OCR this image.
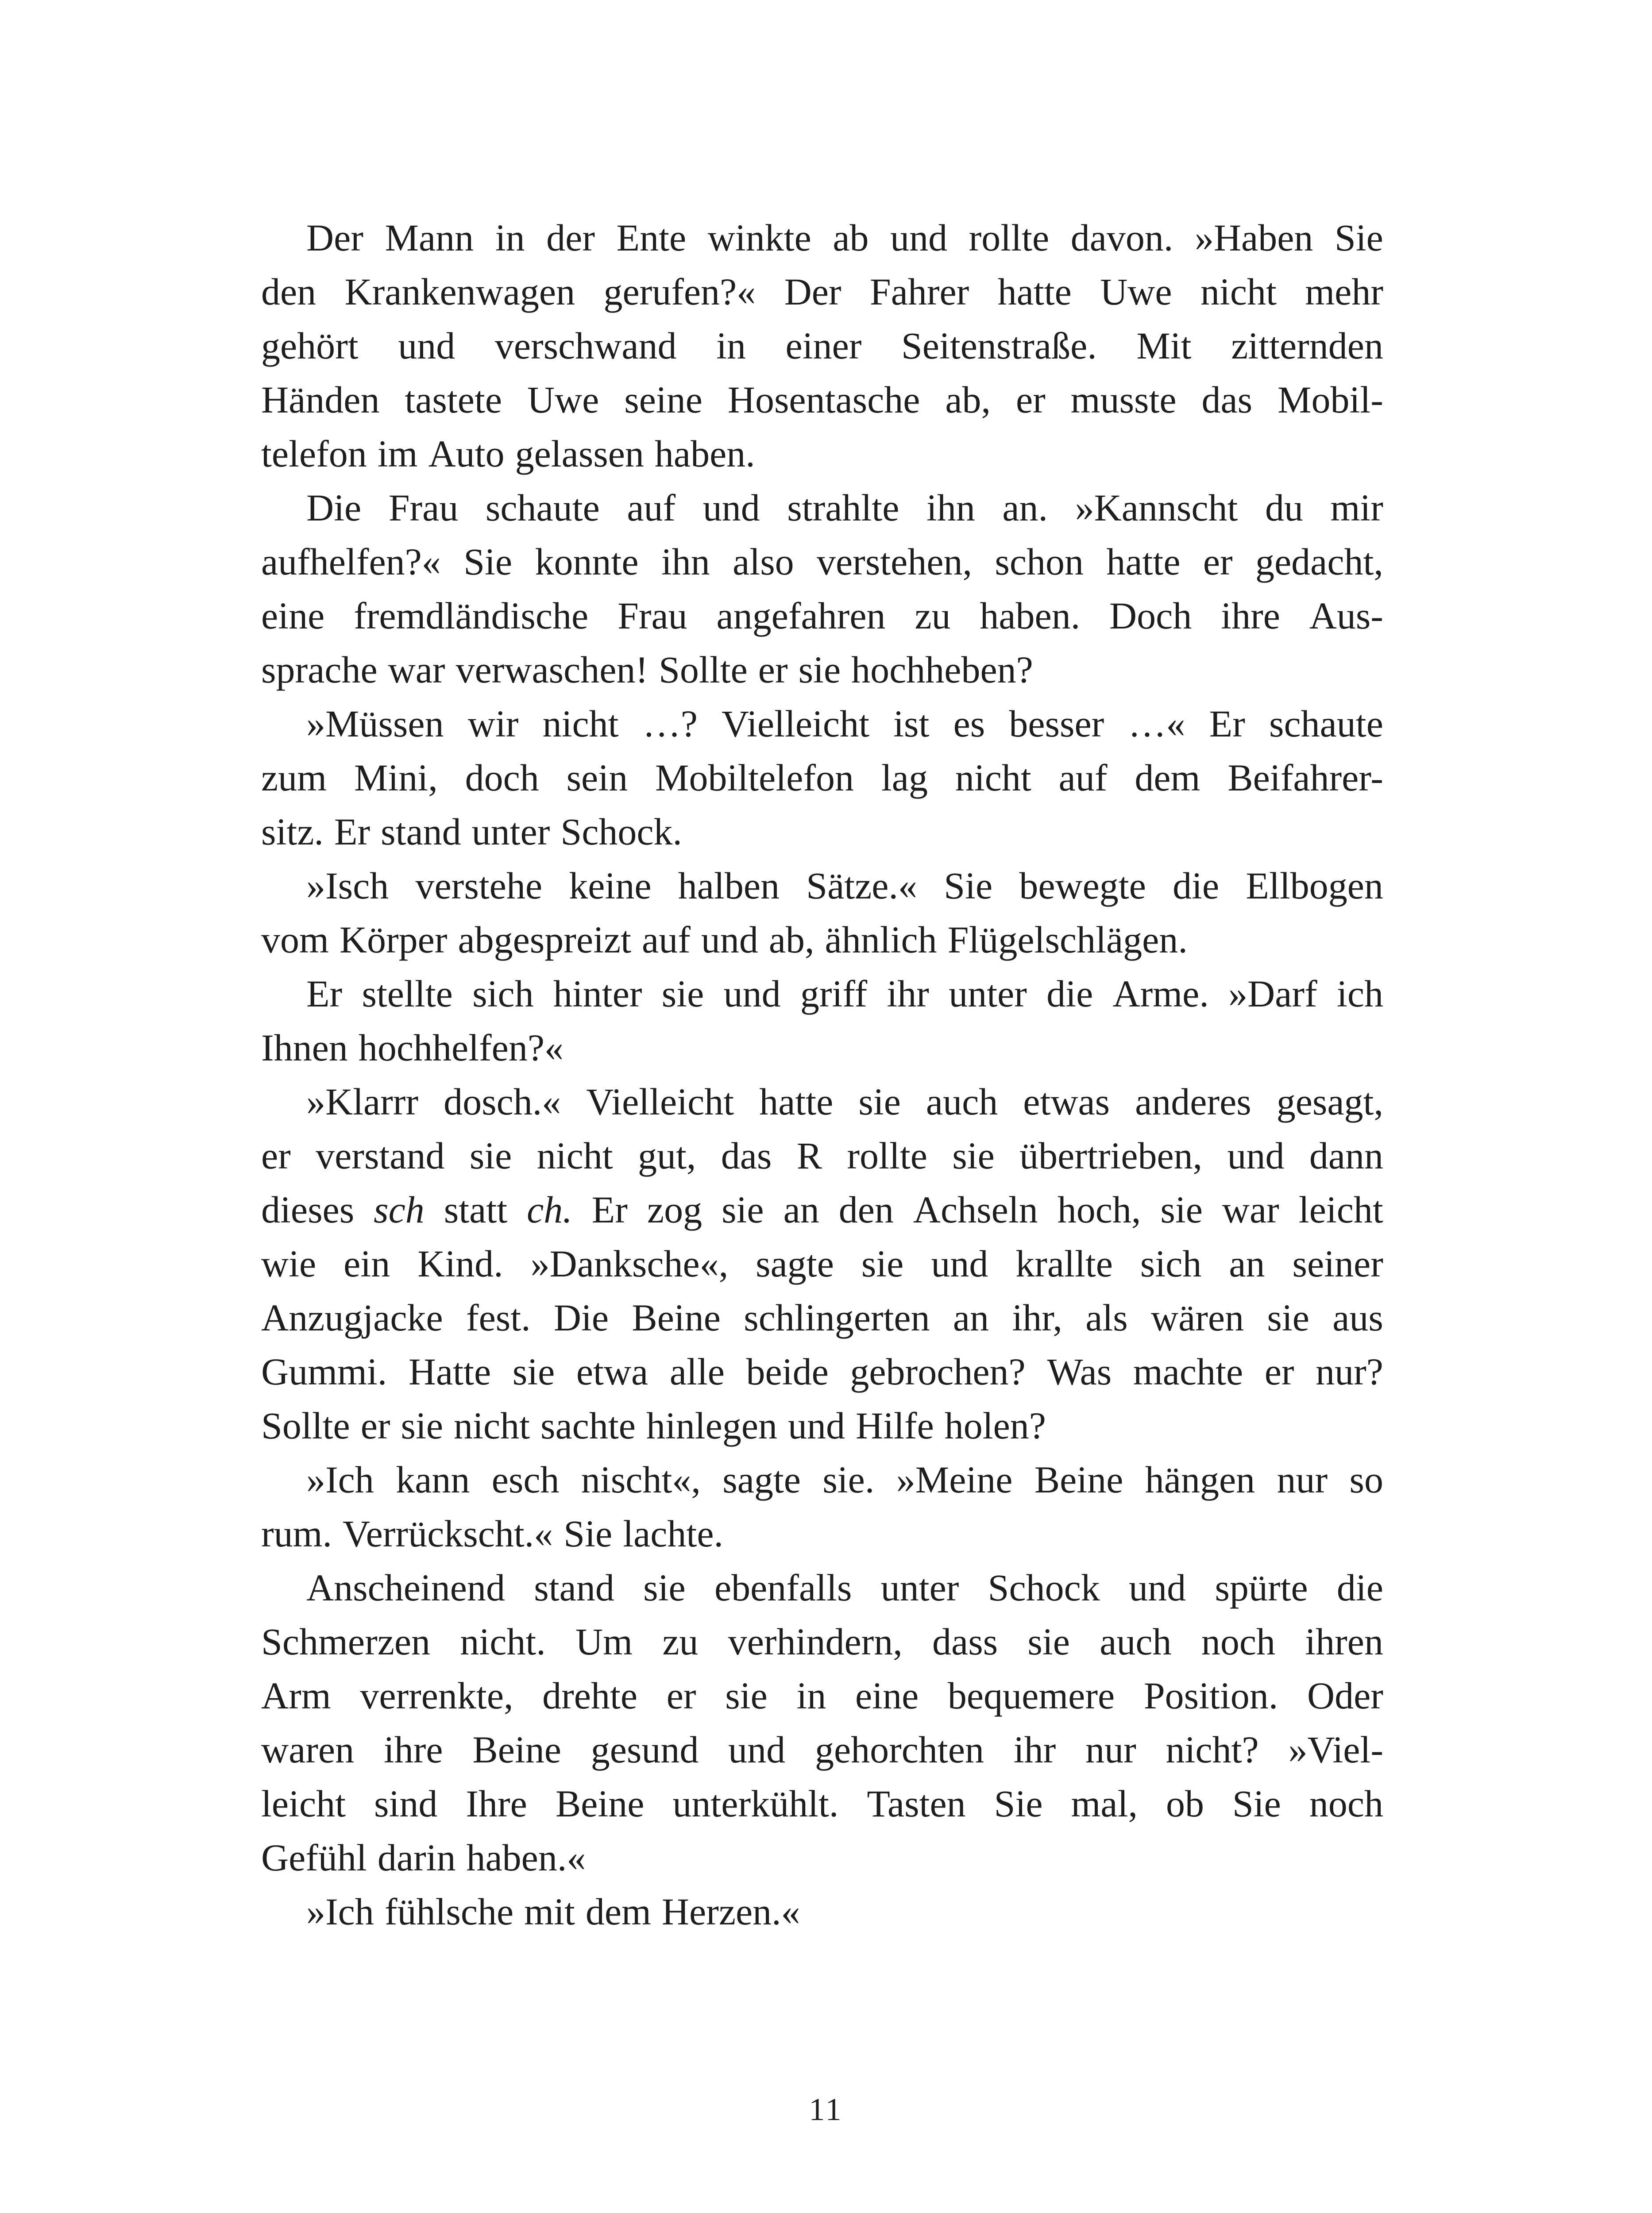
Der Mann in der Ente winkte ab und rollte davon. »Haben Sie
den Krankenwagen gerufen?« Der Fahrer hatte Uwe nicht mehr
gehört und verschwand in einer Seitenstraße. Mit zitternden
Händen tastete Uwe seine Hosentasche ab, er musste das Mobil-
telefon im Auto gelassen haben.
Die Frau schaute auf und strahlte ihn an. »Kannscht du mir
aufhelfen?« Sie konnte ihn also verstehen, schon hatte er gedacht,
eine fremdländische Frau angefahren zu haben. Doch ihre Aus-
sprache war verwaschen! Sollte er sie hochheben?
»Müssen wir nicht …? Vielleicht ist es besser …« Er schaute
zum Mini, doch sein Mobiltelefon lag nicht auf dem Beifahrer-
sitz. Er stand unter Schock.
»Isch verstehe keine halben Sätze.« Sie bewegte die Ellbogen
vom Körper abgespreizt auf und ab, ähnlich Flügelschlägen.
Er stellte sich hinter sie und griff ihr unter die Arme. »Darf ich
Ihnen hochhelfen?«
»Klarrr dosch.« Vielleicht hatte sie auch etwas anderes gesagt,
er verstand sie nicht gut, das R rollte sie übertrieben, und dann
dieses sch statt ch. Er zog sie an den Achseln hoch, sie war leicht
wie ein Kind. »Danksche«, sagte sie und krallte sich an seiner
Anzugjacke fest. Die Beine schlingerten an ihr, als wären sie aus
Gummi. Hatte sie etwa alle beide gebrochen? Was machte er nur?
Sollte er sie nicht sachte hinlegen und Hilfe holen?
»Ich kann esch nischt«, sagte sie. »Meine Beine hängen nur so
rum. Verrückscht.« Sie lachte.
Anscheinend stand sie ebenfalls unter Schock und spürte die
Schmerzen nicht. Um zu verhindern, dass sie auch noch ihren
Arm verrenkte, drehte er sie in eine bequemere Position. Oder
waren ihre Beine gesund und gehorchten ihr nur nicht? »Viel-
leicht sind Ihre Beine unterkühlt. Tasten Sie mal, ob Sie noch
Gefühl darin haben.«
»Ich fühlsche mit dem Herzen.«
11
